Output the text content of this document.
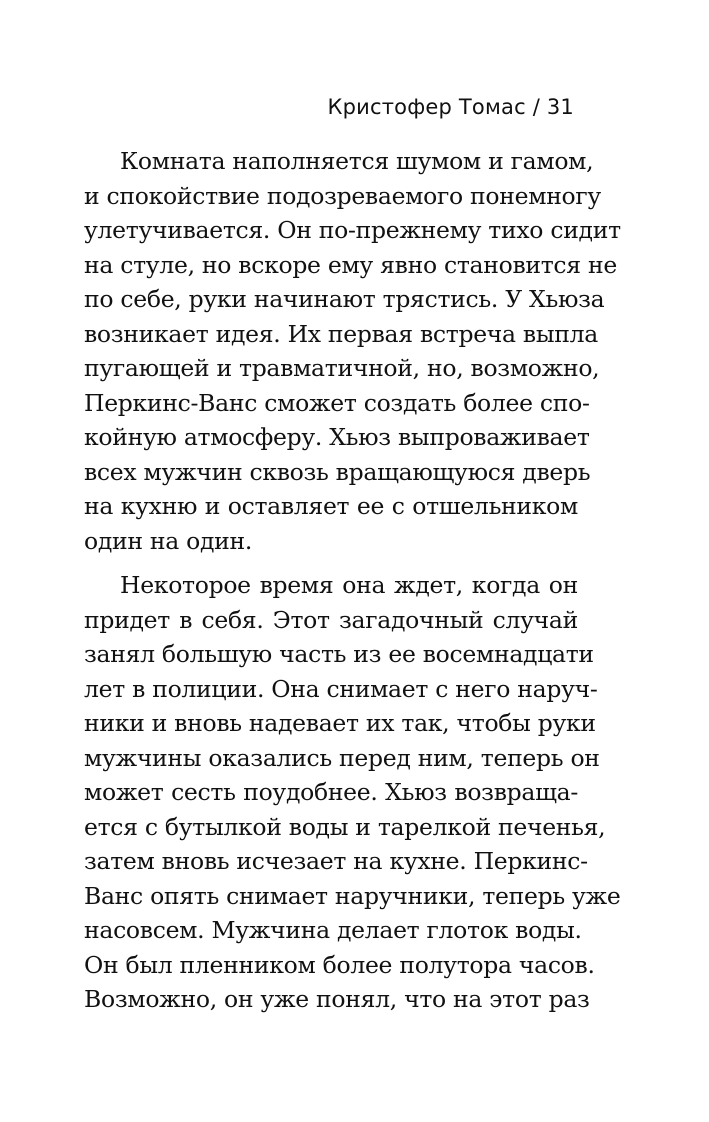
Кристофер Томас / 31

Комната наполняется шумом и гамом,
и спокойствие подозреваемого понемногу
улетучивается. Он по-прежнему тихо сидит
на стуле, но вскоре ему явно становится не
по себе, руки начинают трястись. У Хьюза
возникает идея. Их первая встреча выпла
пугающей и травматичной, но, возможно,
Перкинс-Ванс сможет создать более спо-
койную атмосферу. Хьюз выпроваживает
всех мужчин сквозь вращающуюся дверь
на кухню и оставляет ее с отшельником
один на один.

Некоторое время она ждет, когда он
придет в себя. Этот загадочный случай
занял большую часть из ее восемнадцати
лет в полиции. Она снимает с него наруч-
ники и вновь надевает их так, чтобы руки
мужчины оказались перед ним, теперь он
может сесть поудобнее. Хьюз возвраща-
ется с бутылкой воды и тарелкой печенья,
затем вновь исчезает на кухне. Перкинс-
Ванс опять снимает наручники, теперь уже
насовсем. Мужчина делает глоток воды.
Он был пленником более полутора часов.
Возможно, он уже понял, что на этот раз
